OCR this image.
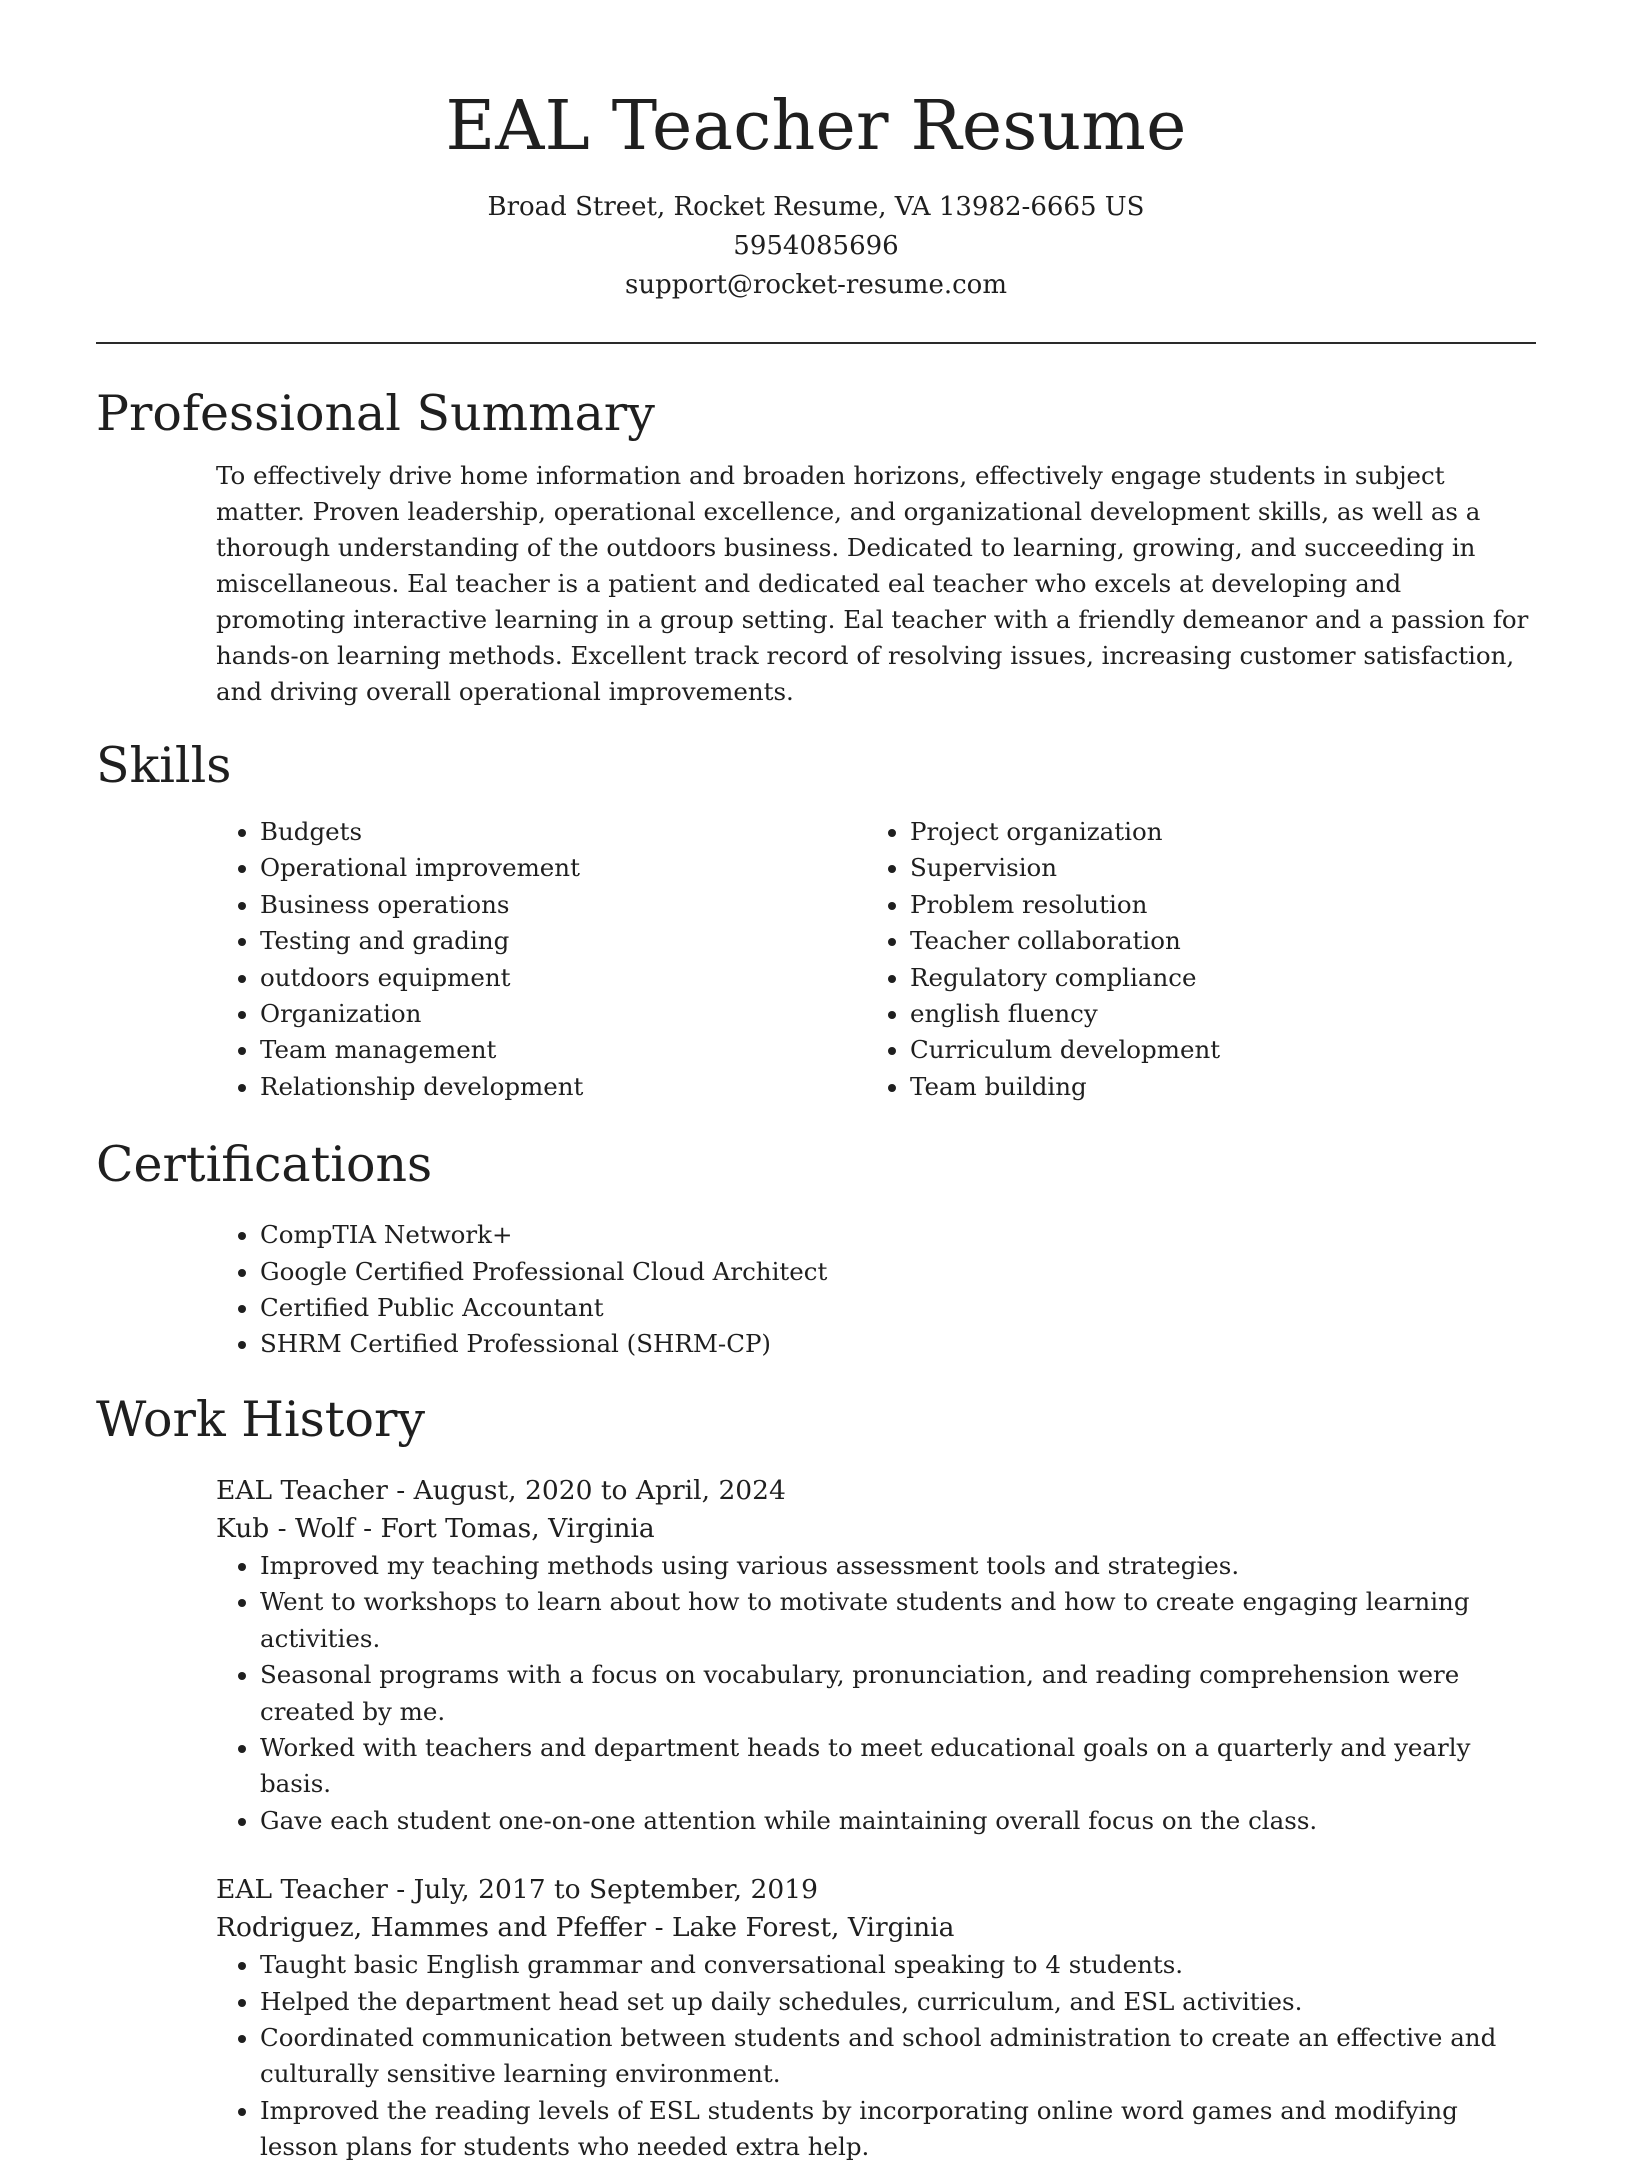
EAL Teacher Resume
Broad Street, Rocket Resume, VA 13982-6665 US
5954085696
support@rocket-resume.com
Professional Summary

To effectively drive home information and broaden horizons, effectively engage students in subject matter. Proven leadership, operational excellence, and organizational development skills, as well as a thorough understanding of the outdoors business. Dedicated to learning, growing, and succeeding in miscellaneous. Eal teacher is a patient and dedicated eal teacher who excels at developing and promoting interactive learning in a group setting. Eal teacher with a friendly demeanor and a passion for hands-on learning methods. Excellent track record of resolving issues, increasing customer satisfaction, and driving overall operational improvements.

Skills
• Budgets
• Operational improvement
• Business operations
• Testing and grading
• outdoors equipment
• Organization
• Team management
• Relationship development
• Project organization
• Supervision
• Problem resolution
• Teacher collaboration
• Regulatory compliance
• english fluency
• Curriculum development
• Team building
Certifications
• CompTIA Network+
• Google Certified Professional Cloud Architect
• Certified Public Accountant
• SHRM Certified Professional (SHRM-CP)
Work History
EAL Teacher - August, 2020 to April, 2024
Kub - Wolf - Fort Tomas, Virginia
• Improved my teaching methods using various assessment tools and strategies.
• Went to workshops to learn about how to motivate students and how to create engaging learning activities.
• Seasonal programs with a focus on vocabulary, pronunciation, and reading comprehension were created by me.
• Worked with teachers and department heads to meet educational goals on a quarterly and yearly basis.
• Gave each student one-on-one attention while maintaining overall focus on the class.
EAL Teacher - July, 2017 to September, 2019
Rodriguez, Hammes and Pfeffer - Lake Forest, Virginia
• Taught basic English grammar and conversational speaking to 4 students.
• Helped the department head set up daily schedules, curriculum, and ESL activities.
• Coordinated communication between students and school administration to create an effective and culturally sensitive learning environment.
• Improved the reading levels of ESL students by incorporating online word games and modifying lesson plans for students who needed extra help.
